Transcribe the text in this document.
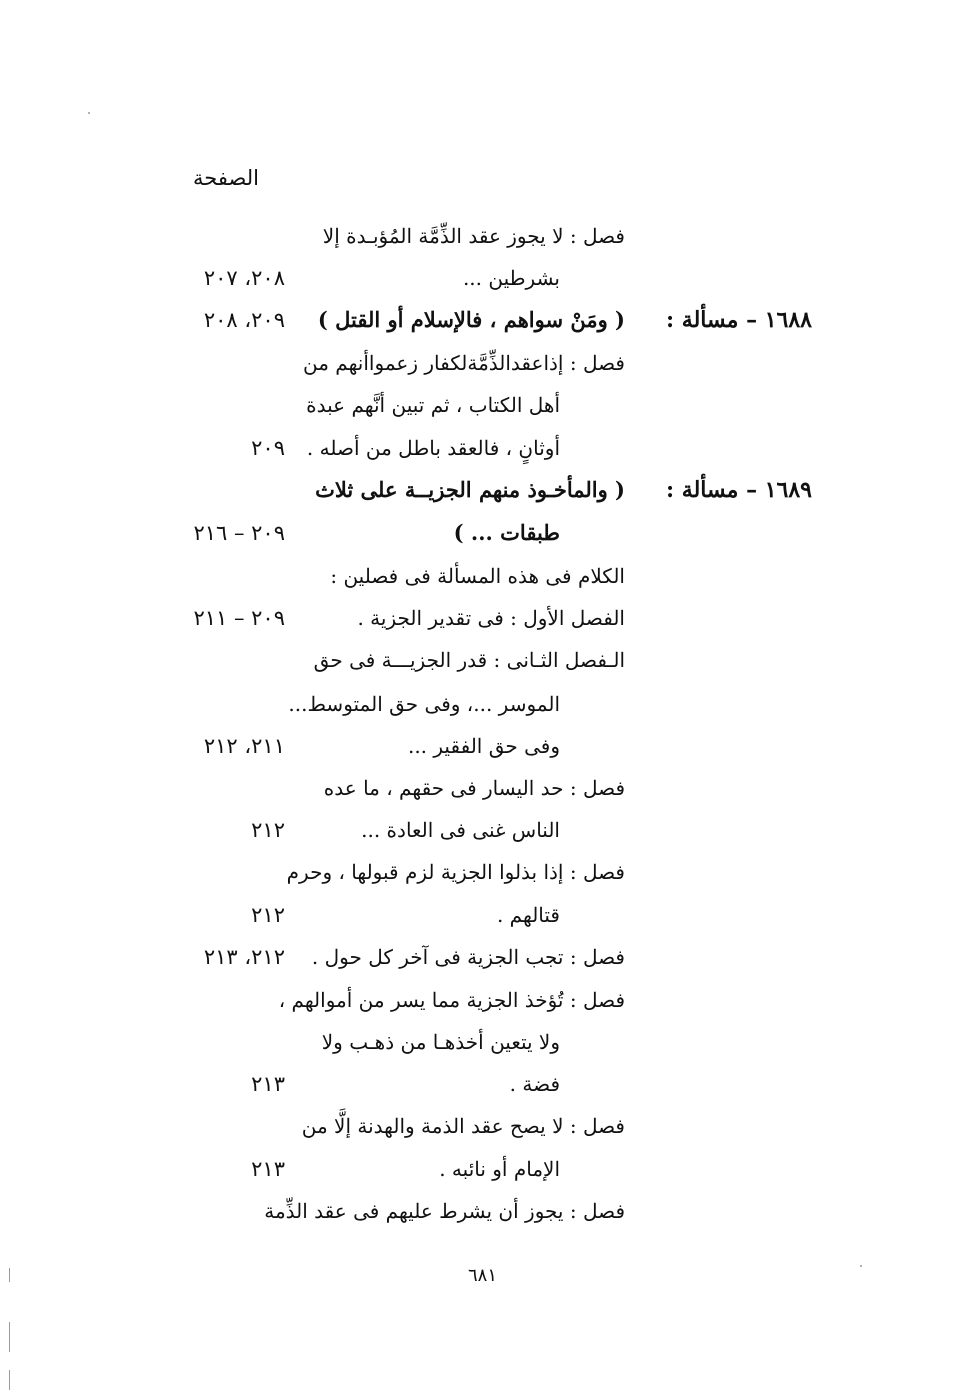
الصفحة
فصل : لا يجوز عقد الذِّمَّة المُؤبـدة إلا
بشرطين ...
٢٠٨، ٢٠٧
( ومَنْ سواهم ، فالإسلام أو القتل ) ١٦٨٨ – مسألة :
٢٠٩، ٢٠٨
فصل : إذاعقدالذِّمَّةلكفار زعمواأنهم من
أهل الكتاب ، ثم تبين أنَّهم عبدة
أوثانٍ ، فالعقد باطل من أصله .
٢٠٩
( والمأخـوذ منهم الجزيــة على ثلاث ١٦٨٩ – مسألة :
طبقات ... )
٢٠٩ – ٢١٦
الكلام فى هذه المسألة فى فصلين :
الفصل الأول : فى تقدير الجزية .
٢٠٩ – ٢١١
الـفصل الثـانى : قدر الجزيـــة فى حق
الموسر ...، وفى حق المتوسط...
وفى حق الفقير ...
٢١١، ٢١٢
فصل : حد اليسار فى حقهم ، ما عده
الناس غنى فى العادة ...
٢١٢
فصل : إذا بذلوا الجزية لزم قبولها ، وحرم
قتالهم .
٢١٢
فصل : تجب الجزية فى آخر كل حول .
٢١٢، ٢١٣
فصل : تُؤخذ الجزية مما يسر من أموالهم ،
ولا يتعين أخذهـا من ذهـب ولا
فضة .
٢١٣
فصل : لا يصح عقد الذمة والهدنة إلَّا من
الإمام أو نائبه .
٢١٣
فصل : يجوز أن يشرط عليهم فى عقد الذِّمة
٦٨١
